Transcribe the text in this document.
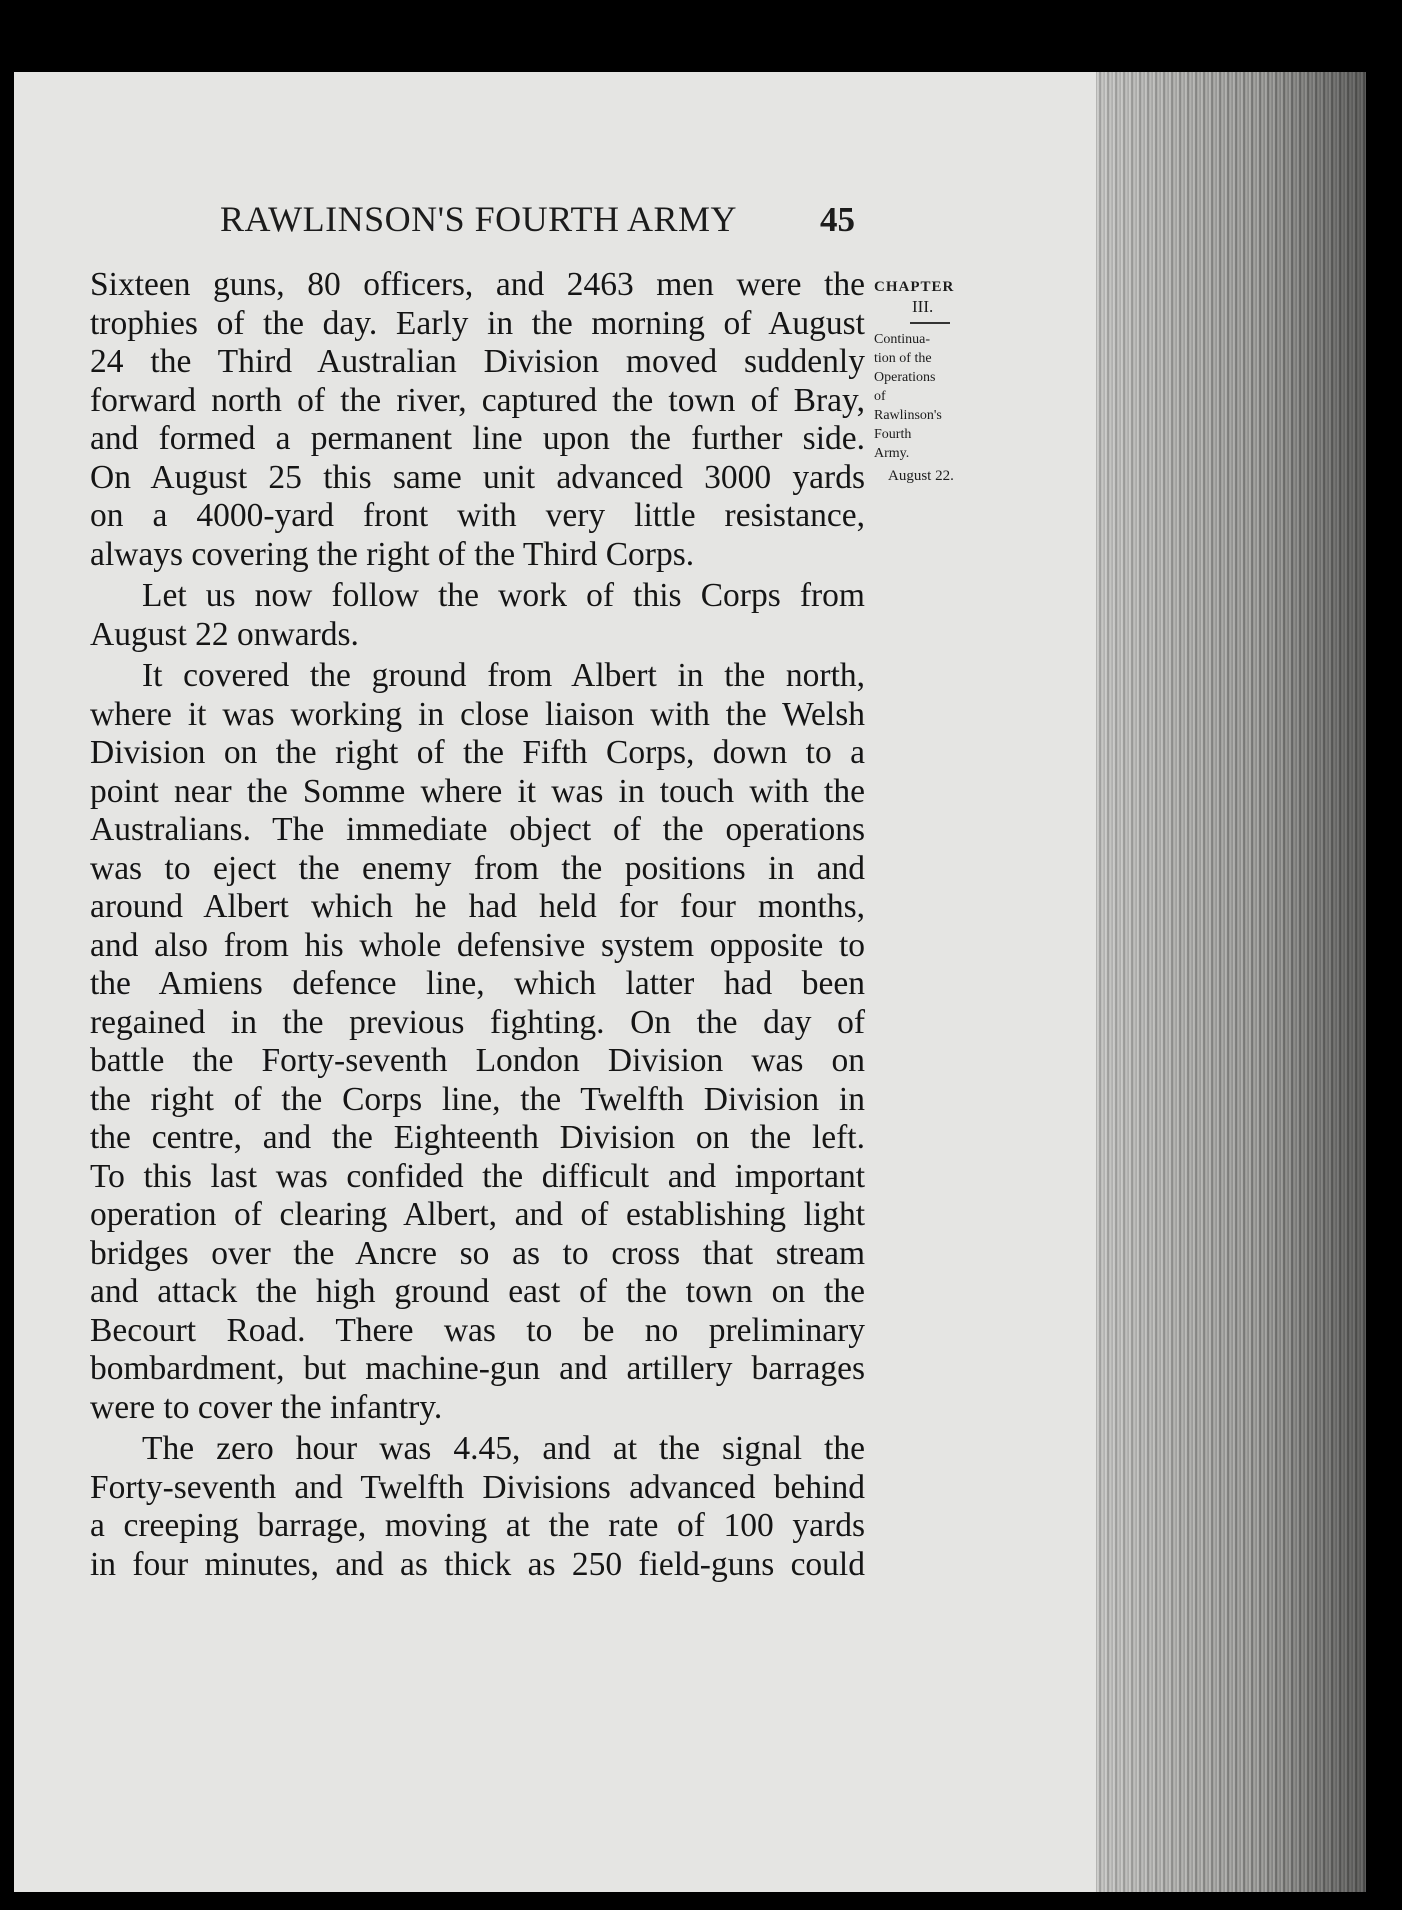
RAWLINSON'S FOURTH ARMY 45
Sixteen guns, 80 officers, and 2463 men were the
trophies of the day. Early in the morning of August
24 the Third Australian Division moved suddenly
forward north of the river, captured the town of Bray,
and formed a permanent line upon the further side.
On August 25 this same unit advanced 3000 yards
on a 4000-yard front with very little resistance,
always covering the right of the Third Corps.
Let us now follow the work of this Corps from
August 22 onwards.
It covered the ground from Albert in the north,
where it was working in close liaison with the Welsh
Division on the right of the Fifth Corps, down to a
point near the Somme where it was in touch with the
Australians. The immediate object of the operations
was to eject the enemy from the positions in and
around Albert which he had held for four months,
and also from his whole defensive system opposite to
the Amiens defence line, which latter had been
regained in the previous fighting. On the day of
battle the Forty-seventh London Division was on
the right of the Corps line, the Twelfth Division in
the centre, and the Eighteenth Division on the left.
To this last was confided the difficult and important
operation of clearing Albert, and of establishing light
bridges over the Ancre so as to cross that stream
and attack the high ground east of the town on the
Becourt Road. There was to be no preliminary
bombardment, but machine-gun and artillery barrages
were to cover the infantry.
The zero hour was 4.45, and at the signal the
Forty-seventh and Twelfth Divisions advanced behind
a creeping barrage, moving at the rate of 100 yards
in four minutes, and as thick as 250 field-guns could
CHAPTER
III.
Continua-
tion of the
Operations
of
Rawlinson's
Fourth
Army.
August 22.
